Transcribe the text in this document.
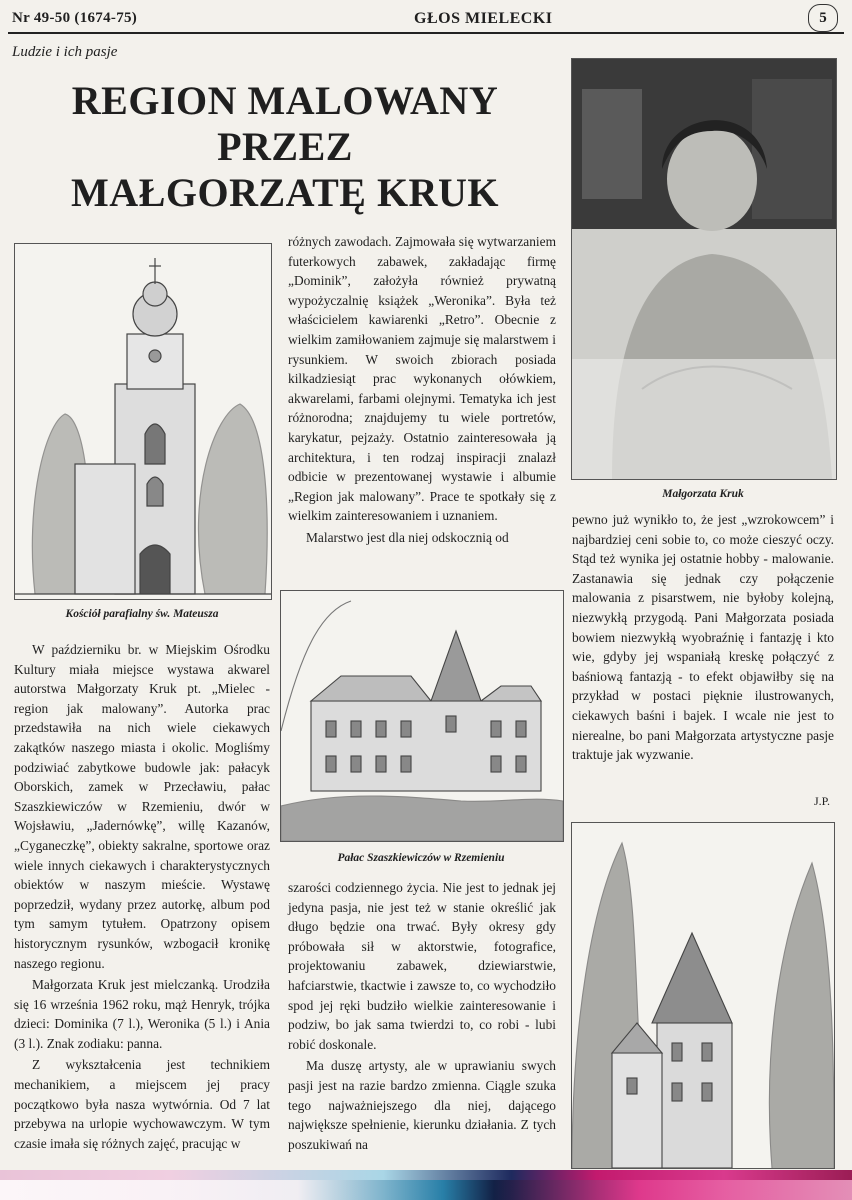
Nr 49-50 (1674-75)	GŁOS MIELECKI	5
Ludzie i ich pasje
REGION MALOWANY
PRZEZ
MAŁGORZATĘ KRUK
Kościół parafialny św. Mateusza

W październiku br. w Miejskim Ośrodku Kultury miała miejsce wystawa akwarel autorstwa Małgorzaty Kruk pt. „Mielec - region jak malowany”. Autorka prac przedstawiła na nich wiele ciekawych zakątków naszego miasta i okolic. Mogliśmy podziwiać zabytkowe budowle jak: pałacyk Oborskich, zamek w Przecławiu, pałac Szaszkiewiczów w Rzemieniu, dwór w Wojsławiu, „Jadernówkę”, willę Kazanów, „Cyganeczkę”, obiekty sakralne, sportowe oraz wiele innych ciekawych i charakterystycznych obiektów w naszym mieście. Wystawę poprzedził, wydany przez autorkę, album pod tym samym tytułem. Opatrzony opisem historycznym rysunków, wzbogacił kronikę naszego regionu.

Małgorzata Kruk jest mielczanką. Urodziła się 16 września 1962 roku, mąż Henryk, trójka dzieci: Dominika (7 l.), Weronika (5 l.) i Ania (3 l.). Znak zodiaku: panna.

Z wykształcenia jest technikiem mechanikiem, a miejscem jej pracy początkowo była nasza wytwórnia. Od 7 lat przebywa na urlopie wychowawczym. W tym czasie imała się różnych zajęć, pracując w

różnych zawodach. Zajmowała się wytwarzaniem futerkowych zabawek, zakładając firmę „Dominik”, założyła również prywatną wypożyczalnię książek „Weronika”. Była też właścicielem kawiarenki „Retro”. Obecnie z wielkim zamiłowaniem zajmuje się malarstwem i rysunkiem. W swoich zbiorach posiada kilkadziesiąt prac wykonanych ołówkiem, akwarelami, farbami olejnymi. Tematyka ich jest różnorodna; znajdujemy tu wiele portretów, karykatur, pejzaży. Ostatnio zainteresowała ją architektura, i ten rodzaj inspiracji znalazł odbicie w prezentowanej wystawie i albumie „Region jak malowany”. Prace te spotkały się z wielkim zainteresowaniem i uznaniem.

Malarstwo jest dla niej odskocznią od

Pałac Szaszkiewiczów w Rzemieniu

szarości codziennego życia. Nie jest to jednak jej jedyna pasja, nie jest też w stanie określić jak długo będzie ona trwać. Były okresy gdy próbowała sił w aktorstwie, fotografice, projektowaniu zabawek, dziewiarstwie, hafciarstwie, tkactwie i zawsze to, co wychodziło spod jej ręki budziło wielkie zainteresowanie i podziw, bo jak sama twierdzi to, co robi - lubi robić doskonale.

Ma duszę artysty, ale w uprawianiu swych pasji jest na razie bardzo zmienna. Ciągle szuka tego najważniejszego dla niej, dającego największe spełnienie, kierunku działania. Z tych poszukiwań na

Małgorzata Kruk

pewno już wynikło to, że jest „wzrokowcem” i najbardziej ceni sobie to, co może cieszyć oczy. Stąd też wynika jej ostatnie hobby - malowanie. Zastanawia się jednak czy połączenie malowania z pisarstwem, nie byłoby kolejną, niezwykłą przygodą. Pani Małgorzata posiada bowiem niezwykłą wyobraźnię i fantazję i kto wie, gdyby jej wspaniałą kreskę połączyć z baśniową fantazją - to efekt objawiłby się na przykład w postaci pięknie ilustrowanych, ciekawych baśni i bajek. I wcale nie jest to nierealne, bo pani Małgorzata artystyczne pasje traktuje jak wyzwanie.

J.P.
